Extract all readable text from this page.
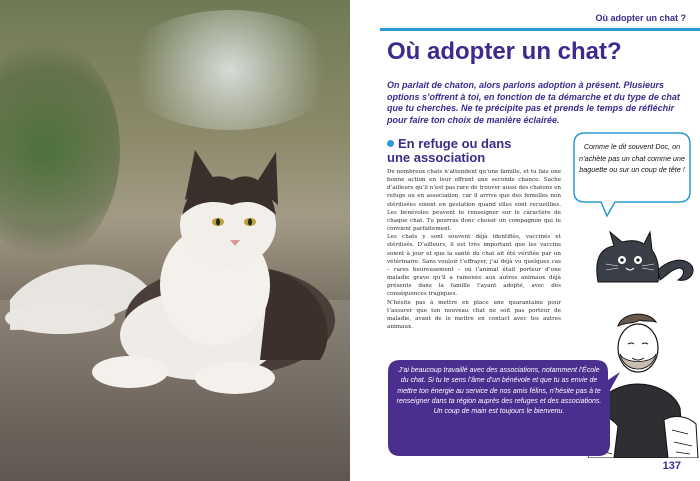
Où adopter un chat ?
Où adopter un chat?
On parlait de chaton, alors parlons adoption à présent. Plusieurs options s’offrent à toi, en fonction de ta démarche et du type de chat que tu cherches. Ne te précipite pas et prends le temps de réfléchir pour faire ton choix de manière éclairée.
En refuge ou dans
une association

De nombreux chats n’attendent qu’une famille, et tu fais une bonne action en leur offrant une seconde chance. Sache d’ailleurs qu’il n’est pas rare de trouver aussi des chatons en refuge ou en association, car il arrive que des femelles non stérilisées soient en gestation quand elles sont recueillies. Les bénévoles peuvent te renseigner sur le caractère de chaque chat. Tu pourras donc choisir un compagnon qui te convient parfaitement.

Les chats y sont souvent déjà identifiés, vaccinés et stérilisés. D’ailleurs, il est très important que les vaccins soient à jour et que la santé du chat ait été vérifiée par un vétérinaire. Sans vouloir t’effrayer, j’ai déjà vu quelques cas – rares heureusement – où l’animal était porteur d’une maladie grave qu’il a ramenée aux autres animaux déjà présents dans la famille l’ayant adopté, avec des conséquences tragiques.

N’hésite pas à mettre en place une quarantaine pour t’assurer que ton nouveau chat ne soit pas porteur de maladie, avant de le mettre en contact avec tes autres animaux.

Comme le dit souvent Doc, on n’achète pas un chat comme une baguette ou sur un coup de tête !
J’ai beaucoup travaillé avec des associations, notamment l’École du chat. Si tu te sens l’âme d’un bénévole et que tu as envie de mettre ton énergie au service de nos amis félins, n’hésite pas à te renseigner dans ta région auprès des refuges et des associations. Un coup de main est toujours le bienvenu.
137
